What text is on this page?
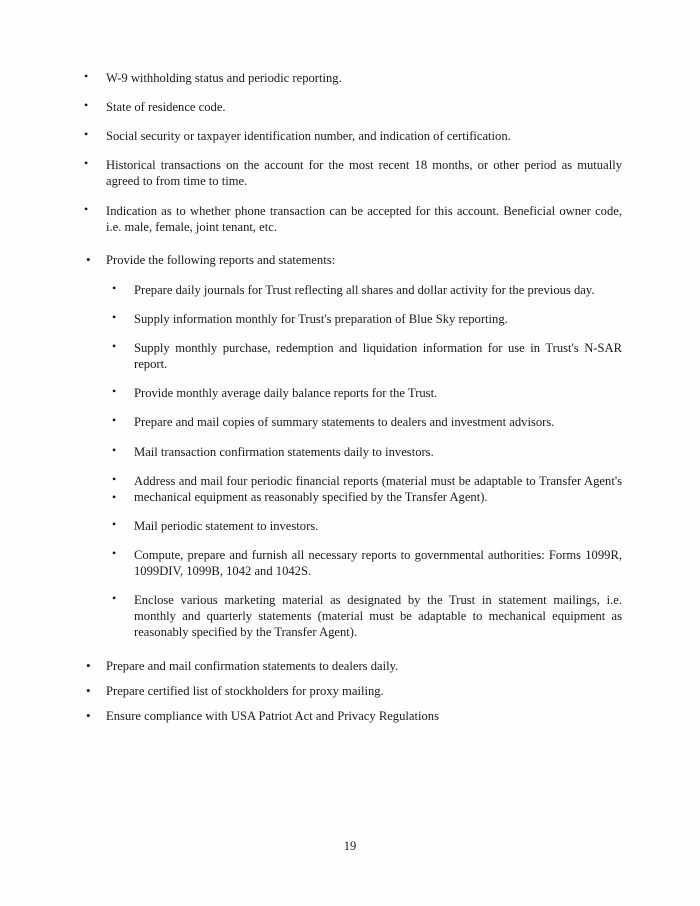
• W-9 withholding status and periodic reporting.
• State of residence code.
• Social security or taxpayer identification number, and indication of certification.
• Historical transactions on the account for the most recent 18 months, or other period as mutually agreed to from time to time.
• Indication as to whether phone transaction can be accepted for this account. Beneficial owner code, i.e. male, female, joint tenant, etc.
• Provide the following reports and statements:
• Prepare daily journals for Trust reflecting all shares and dollar activity for the previous day.
• Supply information monthly for Trust's preparation of Blue Sky reporting.
• Supply monthly purchase, redemption and liquidation information for use in Trust's N-SAR report.
• Provide monthly average daily balance reports for the Trust.
• Prepare and mail copies of summary statements to dealers and investment advisors.
• Mail transaction confirmation statements daily to investors.
•
•
Address and mail four periodic financial reports (material must be adaptable to Transfer Agent's mechanical equipment as reasonably specified by the Transfer Agent).
• Mail periodic statement to investors.
• Compute, prepare and furnish all necessary reports to governmental authorities: Forms 1099R, 1099DIV, 1099B, 1042 and 1042S.
• Enclose various marketing material as designated by the Trust in statement mailings, i.e. monthly and quarterly statements (material must be adaptable to mechanical equipment as reasonably specified by the Transfer Agent).
• Prepare and mail confirmation statements to dealers daily.
• Prepare certified list of stockholders for proxy mailing.
• Ensure compliance with USA Patriot Act and Privacy Regulations
19
